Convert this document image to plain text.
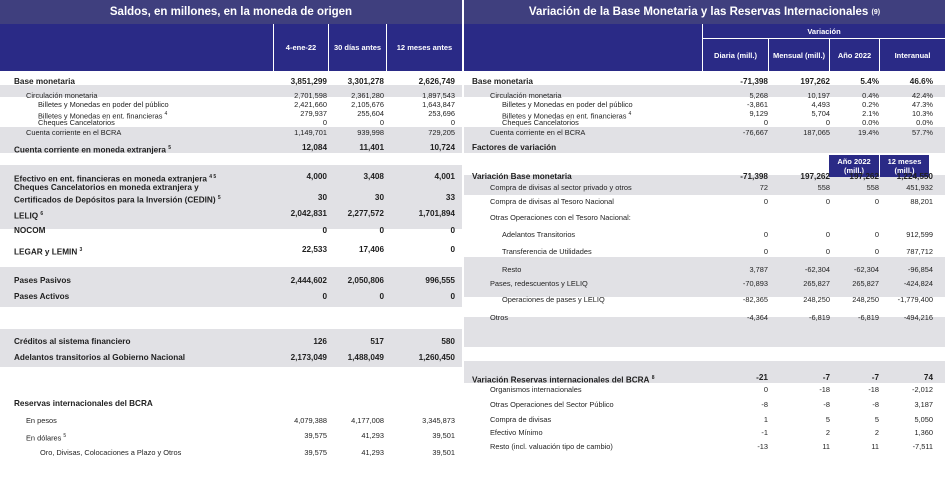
Saldos, en millones, en la moneda de origen
4-ene-22	30 días antes	12 meses antes
Base monetaria	3,851,299	3,301,278	2,626,749
Circulación monetaria	2,701,598	2,361,280	1,897,543
Billetes y Monedas en poder del público	2,421,660	2,105,676	1,643,847
Billetes y Monedas en ent. financieras $^4$	279,937	255,604	253,696
Cheques Cancelatorios	0	0	0
Cuenta corriente en el BCRA	1,149,701	939,998	729,205
Cuenta corriente en moneda extranjera $^5$	12,084	11,401	10,724
Efectivo en ent. financieras en moneda extranjera $^{4 5}$	4,000	3,408	4,001
Cheques Cancelatorios en moneda extranjera y
Certificados de Depósitos para la Inversión (CEDIN) $^5$	30	30	33
LELIQ $^6$	2,042,831	2,277,572	1,701,894
NOCOM	0	0	0
LEGAR y LEMIN $^3$	22,533	17,406	0
Pases Pasivos	2,444,602	2,050,806	996,555
Pases Activos	0	0	0
Créditos al sistema financiero	126	517	580
Adelantos transitorios al Gobierno Nacional	2,173,049	1,488,049	1,260,450
Reservas internacionales del BCRA
En pesos	4,079,388	4,177,008	3,345,873
En dólares $^5$	39,575	41,293	39,501
Oro, Divisas, Colocaciones a Plazo y Otros	39,575	41,293	39,501
Variación de la Base Monetaria y las Reservas Internacionales
(9)
Variación
Diaria (mill.)	Mensual (mill.)	Año 2022	Interanual
Año 2022 (mill.)
12 meses (mill.)
Base monetaria	-71,398	197,262	5.4%	46.6%
Circulación monetaria	5,268	10,197	0.4%	42.4%
Billetes y Monedas en poder del público	-3,861	4,493	0.2%	47.3%
Billetes y Monedas en ent. financieras $^4$	9,129	5,704	2.1%	10.3%
Cheques Cancelatorios	0	0	0.0%	0.0%
Cuenta corriente en el BCRA	-76,667	187,065	19.4%	57.7%
Factores de variación
Variación Base monetaria	-71,398	197,262	197,262	1,224,550
Compra de divisas al sector privado y otros	72	558	558	451,932
Compra de divisas al Tesoro Nacional	0	0	0	88,201
Otras Operaciones con el Tesoro Nacional:
Adelantos Transitorios	0	0	0	912,599
Transferencia de Utilidades	0	0	0	787,712
Resto	3,787	-62,304	-62,304	-96,854
Pases, redescuentos y LELIQ	-70,893	265,827	265,827	-424,824
Operaciones de pases y LELIQ	-82,365	248,250	248,250	-1,779,400
Otros	-4,364	-6,819	-6,819	-494,216
Variación Reservas internacionales del BCRA $^8$	-21	-7	-7	74
Organismos internacionales	0	-18	-18	-2,012
Otras Operaciones del Sector Público	-8	-8	-8	3,187
Compra de divisas	1	5	5	5,050
Efectivo Mínimo	-1	2	2	1,360
Resto (incl. valuación tipo de cambio)	-13	11	11	-7,511
